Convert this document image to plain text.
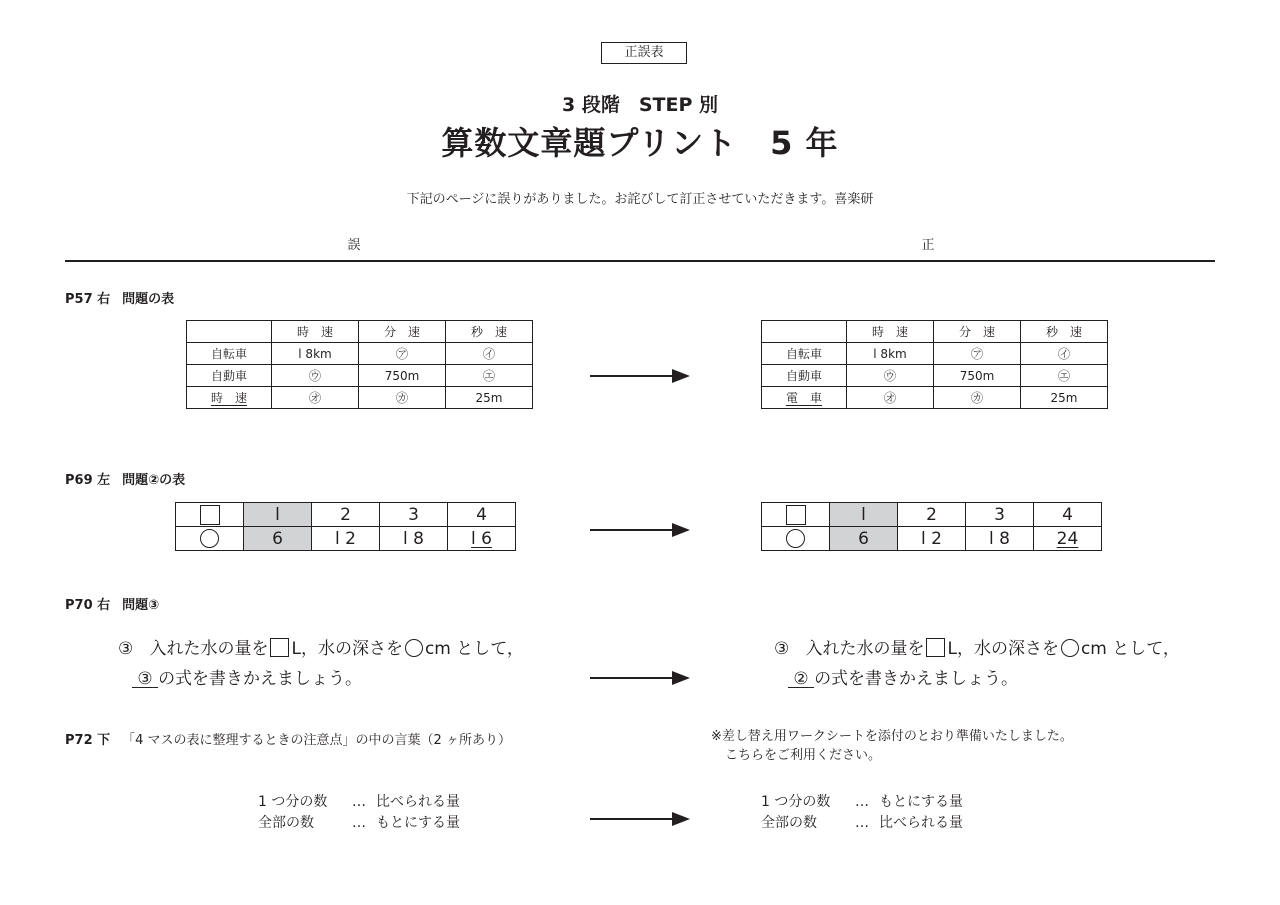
正誤表
3 段階　STEP 別
算数文章題プリント　5 年
下記のページに誤りがありました。お詫びして訂正させていただきます。喜楽研
誤	正
P57 右 問題の表
	時　速	分　速	秒　速
自転車	l 8km	㋐	㋑
自動車	㋒	750m	㋓
時　速	㋔	㋕	25m
	時　速	分　速	秒　速
自転車	l 8km	㋐	㋑
自動車	㋒	750m	㋓
電　車	㋔	㋕	25m
P69 左 問題②の表
	l	2	3	4
	6	l 2	l 8	l 6
	l	2	3	4
	6	l 2	l 8	24
P70 右 問題③
③ 入れた水の量を L，水の深さを cm として，
③ の式を書きかえましょう。
③ 入れた水の量を L，水の深さを cm として，
② の式を書きかえましょう。
P72 下 「4 マスの表に整理するときの注意点」の中の言葉（2 ヶ所あり）	※差し替え用ワークシートを添付のとおり準備いたしました。
こちらをご利用ください。
1 つ分の数 … 比べられる量
全部の数	… もとにする量
1 つ分の数 … もとにする量
全部の数	… 比べられる量
